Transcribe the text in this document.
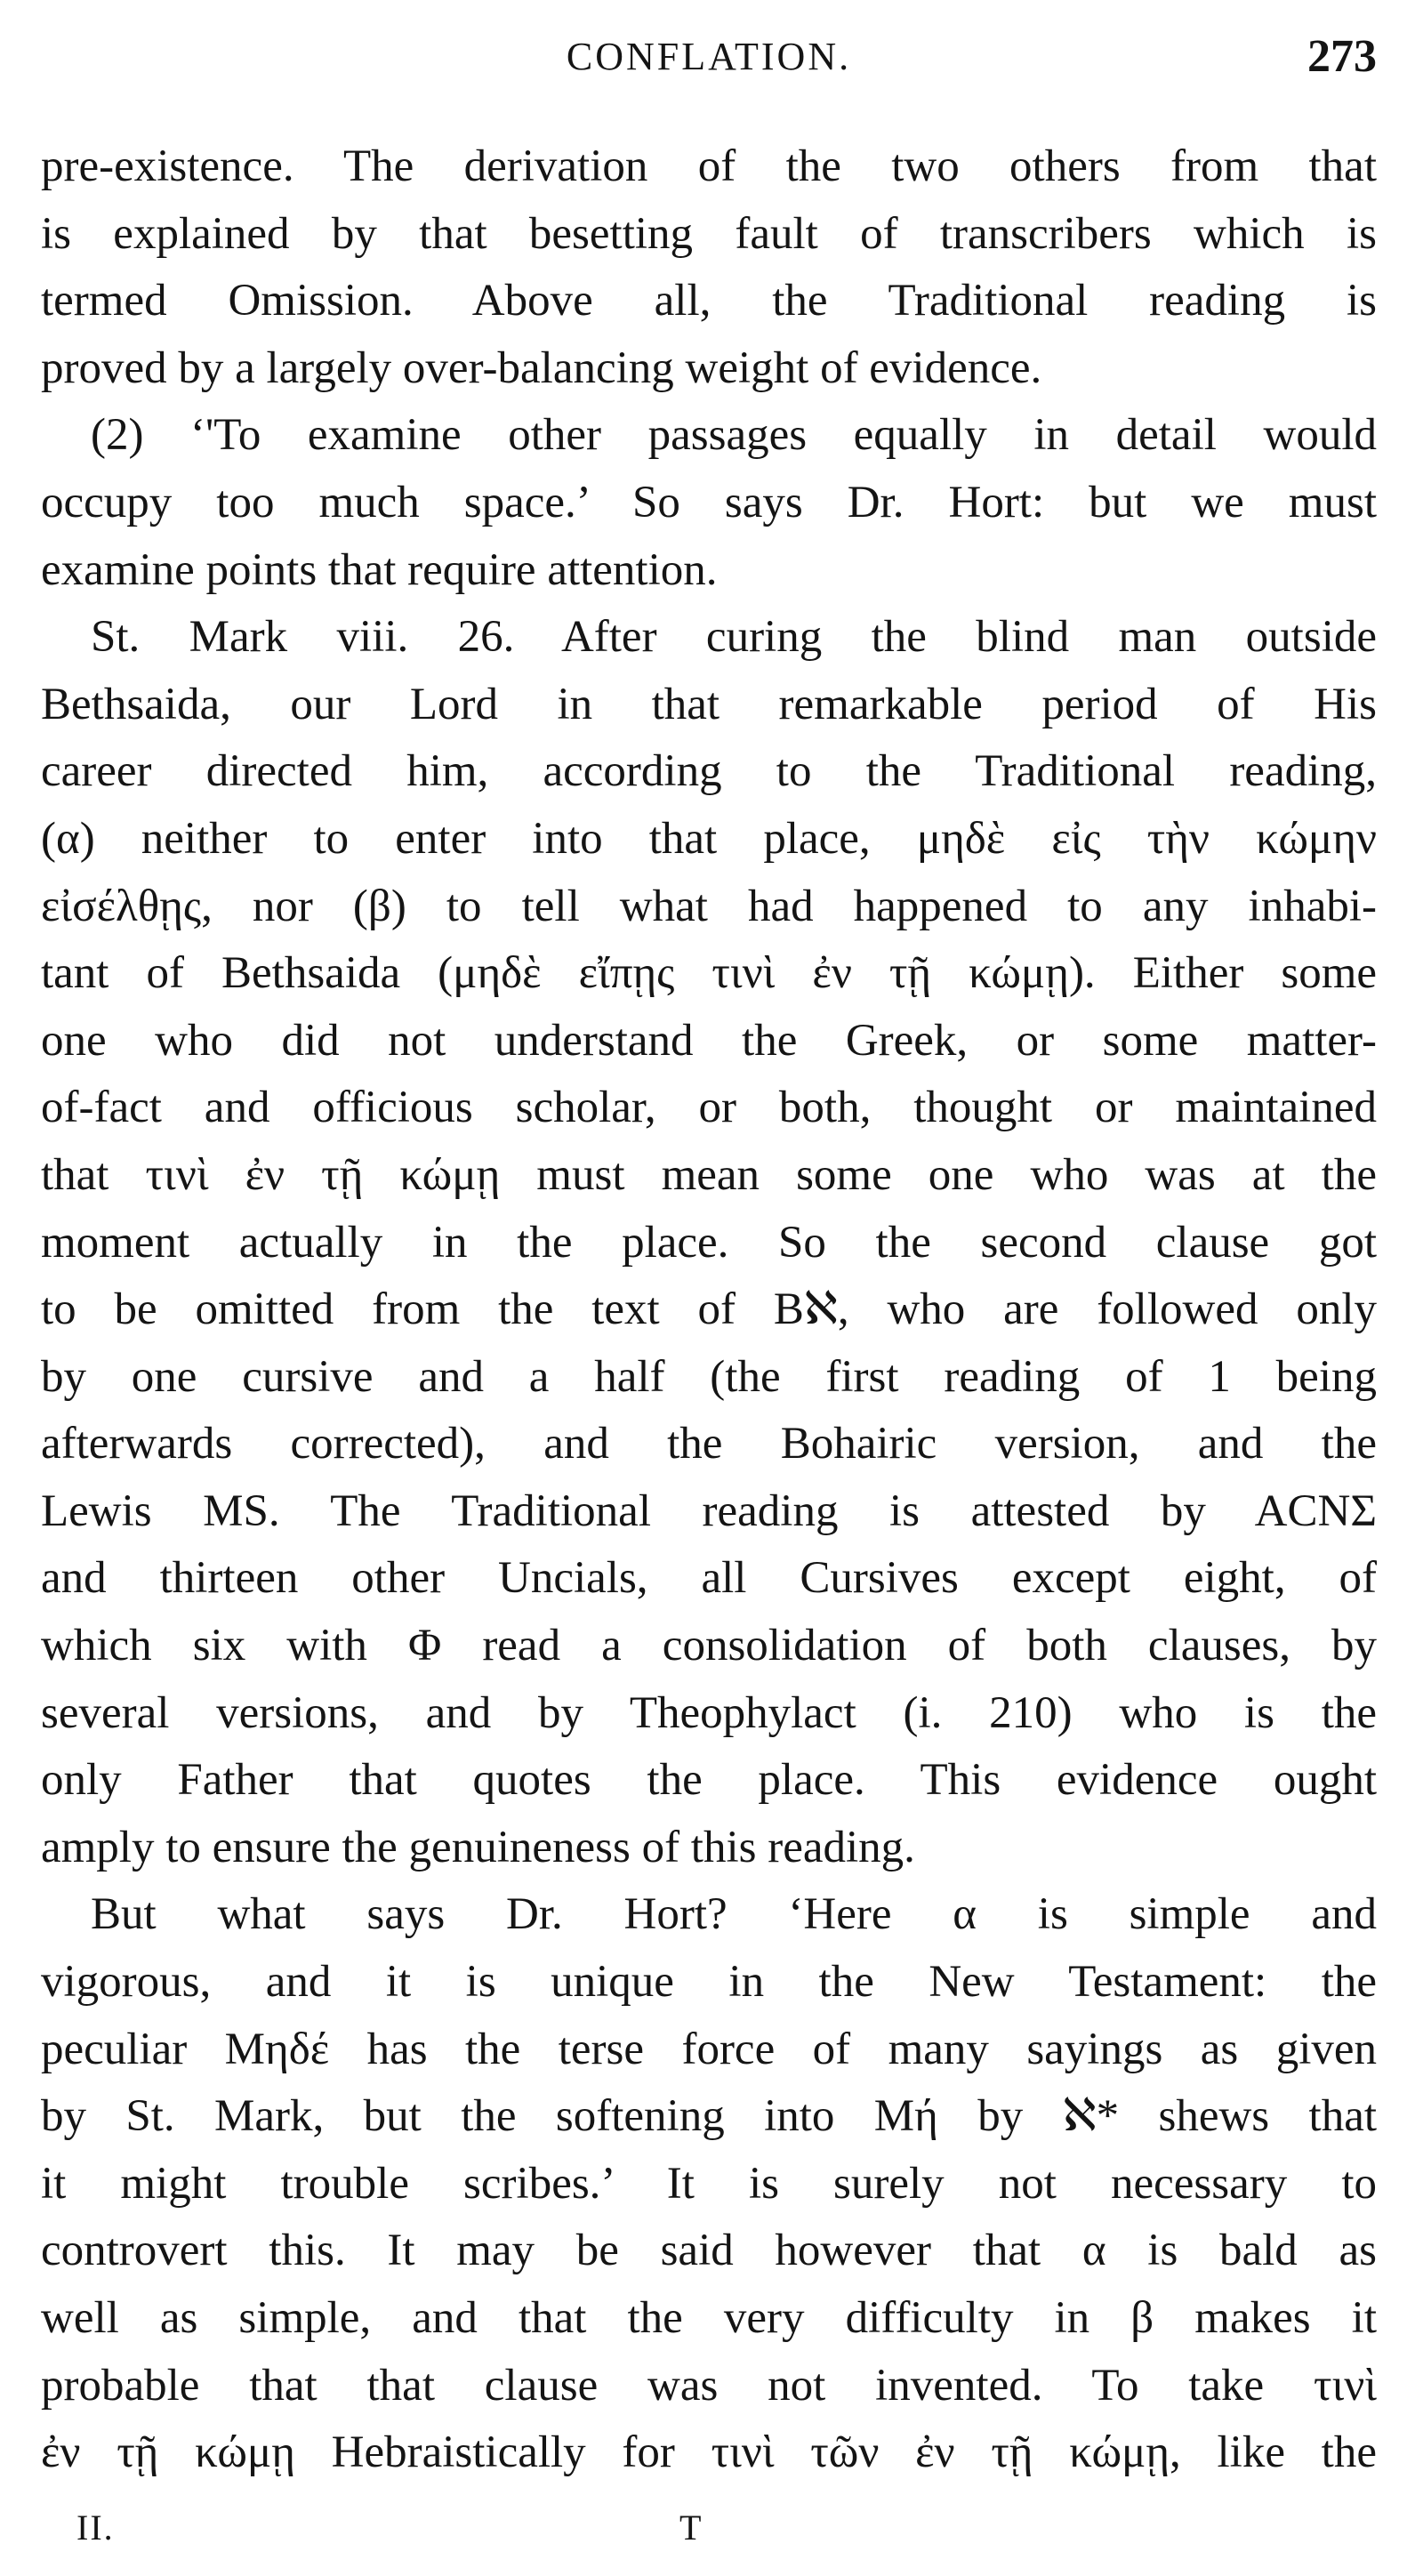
CONFLATION.	273
pre-existence. The derivation of the two others from that
is explained by that besetting fault of transcribers which is
termed Omission. Above all, the Traditional reading is
proved by a largely over-balancing weight of evidence.
(2) ‘'To examine other passages equally in detail would
occupy too much space.’ So says Dr. Hort: but we must
examine points that require attention.
St. Mark viii. 26. After curing the blind man outside
Bethsaida, our Lord in that remarkable period of His
career directed him, according to the Traditional reading,
(α) neither to enter into that place, μηδὲ εἰς τὴν κώμην
εἰσέλθῃς, nor (β) to tell what had happened to any inhabi-
tant of Bethsaida (μηδὲ εἴπῃς τινὶ ἐν τῇ κώμῃ). Either some
one who did not understand the Greek, or some matter-
of-fact and officious scholar, or both, thought or maintained
that τινὶ ἐν τῇ κώμῃ must mean some one who was at the
moment actually in the place. So the second clause got
to be omitted from the text of Bℵ, who are followed only
by one cursive and a half (the first reading of 1 being
afterwards corrected), and the Bohairic version, and the
Lewis MS. The Traditional reading is attested by ACNΣ
and thirteen other Uncials, all Cursives except eight, of
which six with Φ read a consolidation of both clauses, by
several versions, and by Theophylact (i. 210) who is the
only Father that quotes the place. This evidence ought
amply to ensure the genuineness of this reading.
But what says Dr. Hort? ‘Here α is simple and
vigorous, and it is unique in the New Testament: the
peculiar Μηδέ has the terse force of many sayings as given
by St. Mark, but the softening into Μή by ℵ* shews that
it might trouble scribes.’ It is surely not necessary to
controvert this. It may be said however that α is bald as
well as simple, and that the very difficulty in β makes it
probable that that clause was not invented. To take τινὶ
ἐν τῇ κώμῃ Hebraistically for τινὶ τῶν ἐν τῇ κώμῃ, like the
II.	T
